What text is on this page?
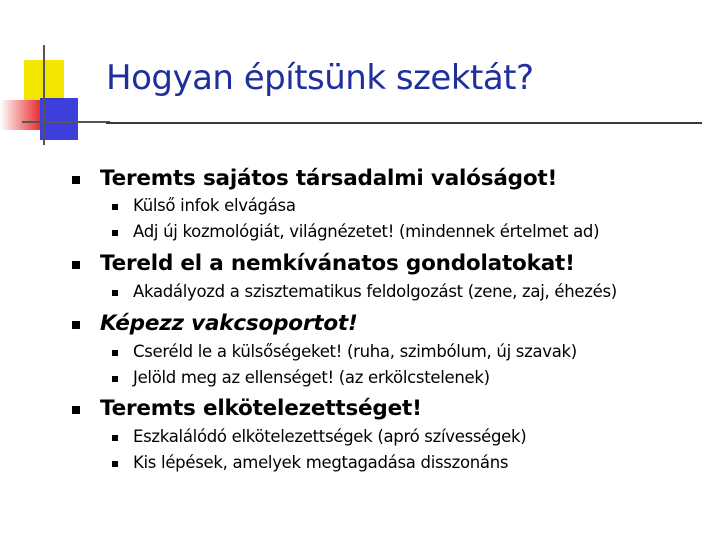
Hogyan építsünk szektát?
Teremts sajátos társadalmi valóságot!
Külső infok elvágása
Adj új kozmológiát, világnézetet! (mindennek értelmet ad)
Tereld el a nemkívánatos gondolatokat!
Akadályozd a szisztematikus feldolgozást (zene, zaj, éhezés)
Képezz vakcsoportot!
Cseréld le a külsőségeket! (ruha, szimbólum, új szavak)
Jelöld meg az ellenséget! (az erkölcstelenek)
Teremts elkötelezettséget!
Eszkalálódó elkötelezettségek (apró szívességek)
Kis lépések, amelyek megtagadása disszonáns
